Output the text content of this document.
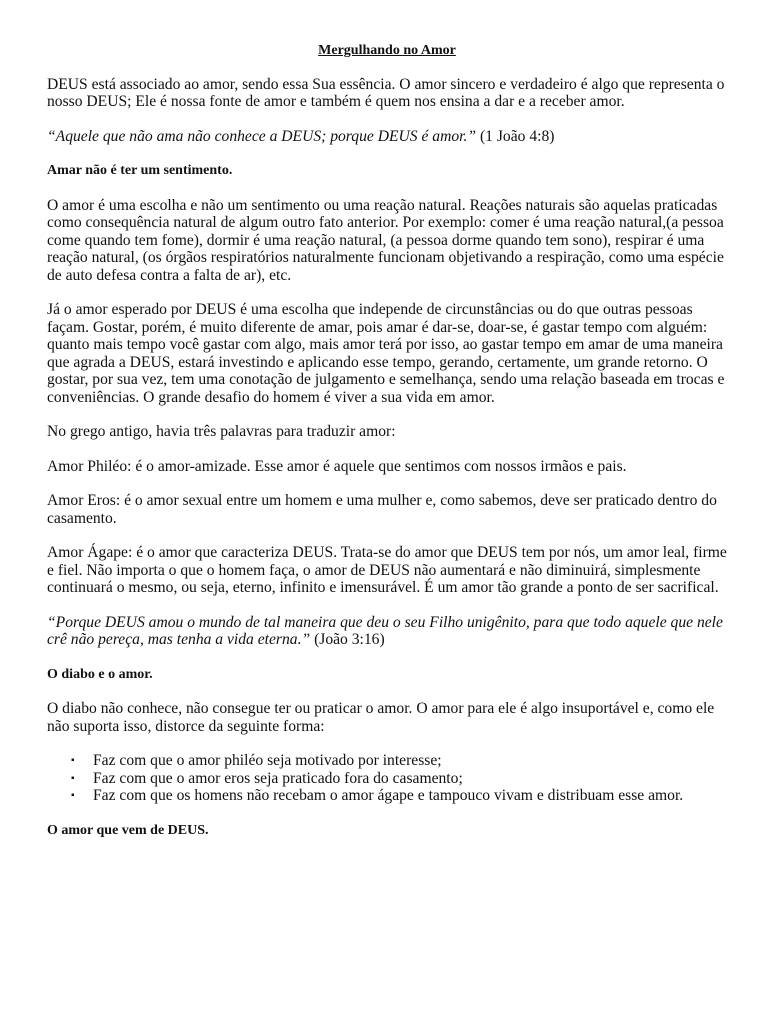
Mergulhando no Amor

DEUS está associado ao amor, sendo essa Sua essência. O amor sincero e verdadeiro é algo que representa o nosso DEUS; Ele é nossa fonte de amor e também é quem nos ensina a dar e a receber amor.

“Aquele que não ama não conhece a DEUS; porque DEUS é amor.” (1 João 4:8)

Amar não é ter um sentimento.

O amor é uma escolha e não um sentimento ou uma reação natural. Reações naturais são aquelas praticadas como consequência natural de algum outro fato anterior. Por exemplo: comer é uma reação natural,(a pessoa come quando tem fome), dormir é uma reação natural, (a pessoa dorme quando tem sono), respirar é uma reação natural, (os órgãos respiratórios naturalmente funcionam objetivando a respiração, como uma espécie de auto defesa contra a falta de ar), etc.

Já o amor esperado por DEUS é uma escolha que independe de circunstâncias ou do que outras pessoas façam. Gostar, porém, é muito diferente de amar, pois amar é dar-se, doar-se, é gastar tempo com alguém: quanto mais tempo você gastar com algo, mais amor terá por isso, ao gastar tempo em amar de uma maneira que agrada a DEUS, estará investindo e aplicando esse tempo, gerando, certamente, um grande retorno. O gostar, por sua vez, tem uma conotação de julgamento e semelhança, sendo uma relação baseada em trocas e conveniências. O grande desafio do homem é viver a sua vida em amor.

No grego antigo, havia três palavras para traduzir amor:

Amor Philéo: é o amor-amizade. Esse amor é aquele que sentimos com nossos irmãos e pais.

Amor Eros: é o amor sexual entre um homem e uma mulher e, como sabemos, deve ser praticado dentro do casamento.

Amor Ágape: é o amor que caracteriza DEUS. Trata-se do amor que DEUS tem por nós, um amor leal, firme e fiel. Não importa o que o homem faça, o amor de DEUS não aumentará e não diminuirá, simplesmente continuará o mesmo, ou seja, eterno, infinito e imensurável. É um amor tão grande a ponto de ser sacrifical.

“Porque DEUS amou o mundo de tal maneira que deu o seu Filho unigênito, para que todo aquele que nele crê não pereça, mas tenha a vida eterna.” (João 3:16)

O diabo e o amor.

O diabo não conhece, não consegue ter ou praticar o amor. O amor para ele é algo insuportável e, como ele não suporta isso, distorce da seguinte forma:

▪ Faz com que o amor philéo seja motivado por interesse;
▪ Faz com que o amor eros seja praticado fora do casamento;
▪ Faz com que os homens não recebam o amor ágape e tampouco vivam e distribuam esse amor.

O amor que vem de DEUS.
